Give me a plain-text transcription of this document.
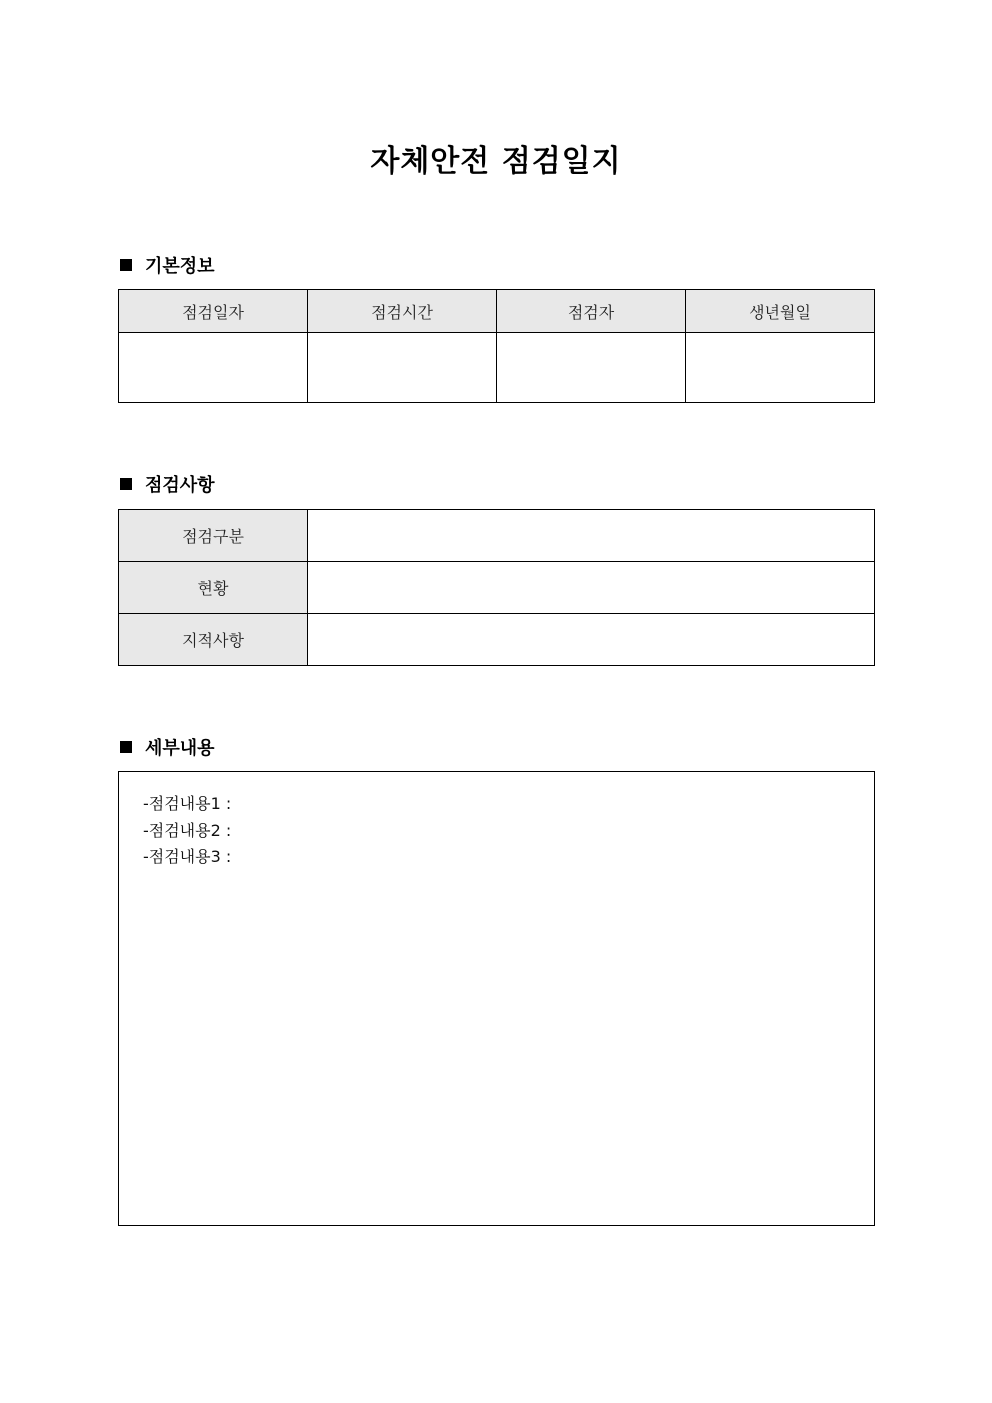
자체안전 점검일지
기본정보
점검일자	점검시간	점검자	생년월일

점검사항
점검구분	
현황	
지적사항	
세부내용
-점검내용1 :
-점검내용2 :
-점검내용3 :
